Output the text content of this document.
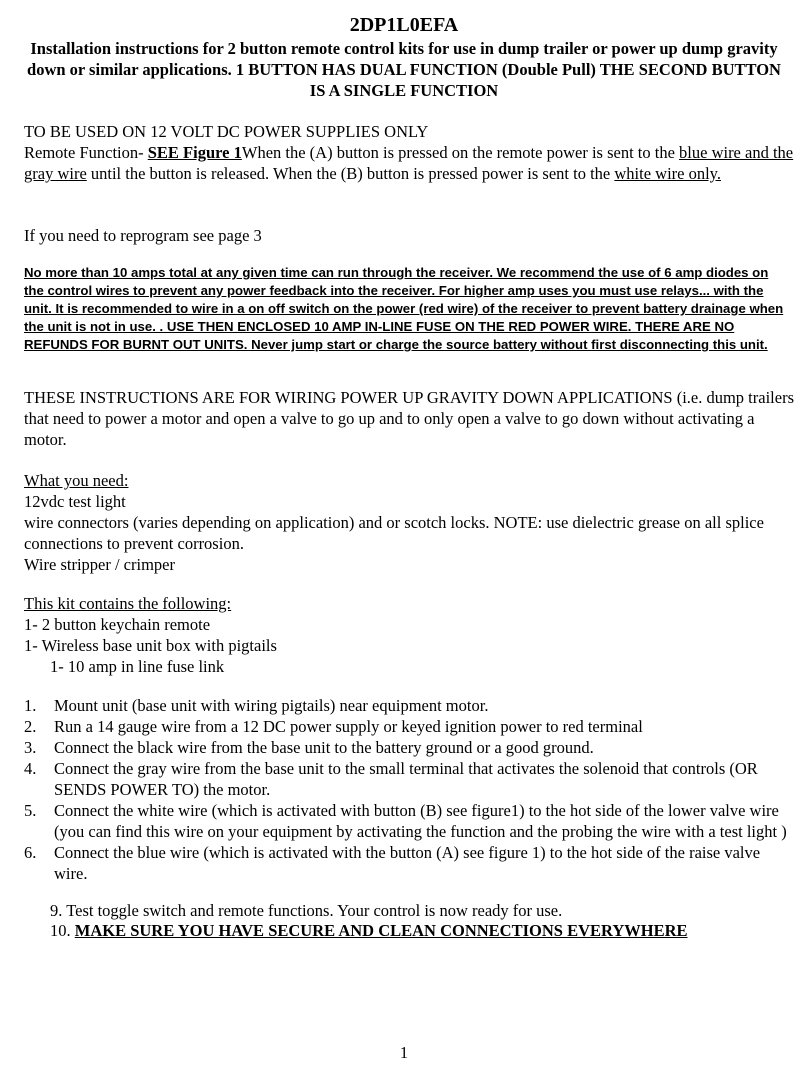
2DP1L0EFA
Installation instructions for 2 button remote control kits for use in dump trailer or power up dump gravity down or similar applications. 1 BUTTON HAS DUAL FUNCTION (Double Pull) THE SECOND BUTTON IS A SINGLE FUNCTION

TO BE USED ON 12 VOLT DC POWER SUPPLIES ONLY

Remote Function- SEE Figure 1When the (A) button is pressed on the remote power is sent to the blue wire and the gray wire until the button is released. When the (B) button is pressed power is sent to the white wire only.

If you need to reprogram see page 3

No more than 10 amps total at any given time can run through the receiver. We recommend the use of 6 amp diodes on the control wires to prevent any power feedback into the receiver. For higher amp uses you must use relays... with the unit. It is recommended to wire in a on off switch on the power (red wire) of the receiver to prevent battery drainage when the unit is not in use. . USE THEN ENCLOSED 10 AMP IN-LINE FUSE ON THE RED POWER WIRE. THERE ARE NO REFUNDS FOR BURNT OUT UNITS. Never jump start or charge the source battery without first disconnecting this unit.

THESE INSTRUCTIONS ARE FOR WIRING POWER UP GRAVITY DOWN APPLICATIONS (i.e. dump trailers that need to power a motor and open a valve to go up and to only open a valve to go down without activating a motor.

What you need:
12vdc test light
wire connectors (varies depending on application) and or scotch locks. NOTE: use dielectric grease on all splice connections to prevent corrosion.
Wire stripper / crimper
This kit contains the following:
1- 2 button keychain remote
1- Wireless base unit box with pigtails
1- 10 amp in line fuse link
1. Mount unit (base unit with wiring pigtails) near equipment motor.
2. Run a 14 gauge wire from a 12 DC power supply or keyed ignition power to red terminal
3. Connect the black wire from the base unit to the battery ground or a good ground.
4. Connect the gray wire from the base unit to the small terminal that activates the solenoid that controls (OR SENDS POWER TO) the motor.
5. Connect the white wire (which is activated with button (B) see figure1) to the hot side of the lower valve wire (you can find this wire on your equipment by activating the function and the probing the wire with a test light )
6. Connect the blue wire (which is activated with the button (A) see figure 1) to the hot side of the raise valve wire.

9. Test toggle switch and remote functions. Your control is now ready for use.

10. MAKE SURE YOU HAVE SECURE AND CLEAN CONNECTIONS EVERYWHERE

1
